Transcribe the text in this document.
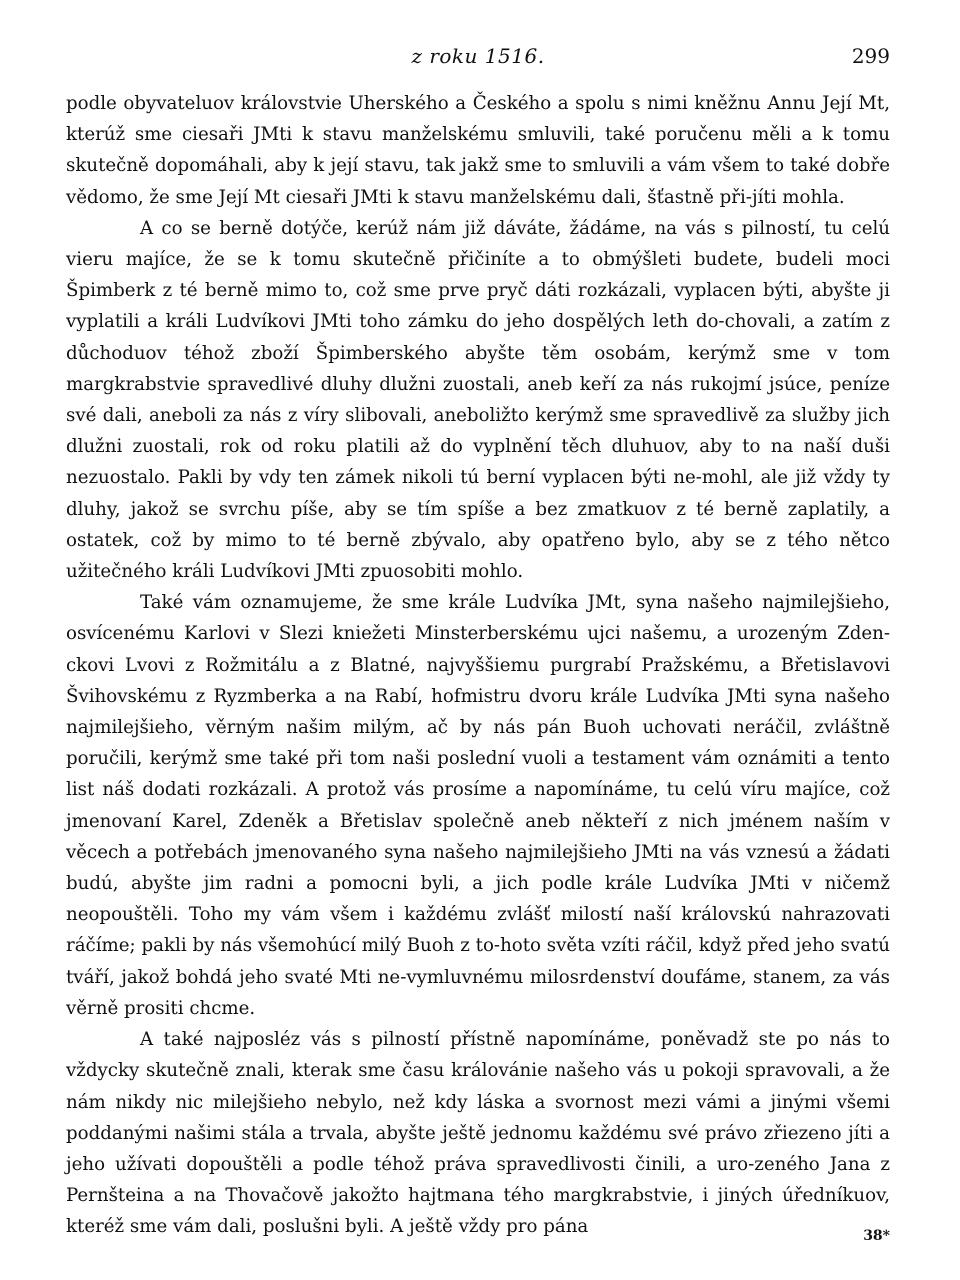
z roku 1516.	299

podle obyvateluov královstvie Uherského a Českého a spolu s nimi kněžnu Annu Její Mt, kterúž sme ciesaři JMti k stavu manželskému smluvili, také poručenu měli a k tomu skutečně dopomáhali, aby k její stavu, tak jakž sme to smluvili a vám všem to také dobře vědomo, že sme Její Mt ciesaři JMti k stavu manželskému dali, šťastně při-jíti mohla.

A co se berně dotýče, kerúž nám již dáváte, žádáme, na vás s pilností, tu celú vieru majíce, že se k tomu skutečně přičiníte a to obmýšleti budete, budeli moci Špimberk z té berně mimo to, což sme prve pryč dáti rozkázali, vyplacen býti, abyšte ji vyplatili a králi Ludvíkovi JMti toho zámku do jeho dospělých leth do-chovali, a zatím z důchoduov téhož zboží Špimberského abyšte těm osobám, kerýmž sme v tom margkrabstvie spravedlivé dluhy dlužni zuostali, aneb keří za nás rukojmí jsúce, peníze své dali, aneboli za nás z víry slibovali, aneboližto kerýmž sme spravedlivě za služby jich dlužni zuostali, rok od roku platili až do vyplnění těch dluhuov, aby to na naší duši nezuostalo. Pakli by vdy ten zámek nikoli tú berní vyplacen býti ne-mohl, ale již vždy ty dluhy, jakož se svrchu píše, aby se tím spíše a bez zmatkuov z té berně zaplatily, a ostatek, což by mimo to té berně zbývalo, aby opatřeno bylo, aby se z tého nětco užitečného králi Ludvíkovi JMti zpuosobiti mohlo.

Také vám oznamujeme, že sme krále Ludvíka JMt, syna našeho najmilejšieho, osvícenému Karlovi v Slezi kniežeti Minsterberskému ujci našemu, a urozeným Zden-ckovi Lvovi z Rožmitálu a z Blatné, najvyššiemu purgrabí Pražskému, a Břetislavovi Švihovskému z Ryzmberka a na Rabí, hofmistru dvoru krále Ludvíka JMti syna našeho najmilejšieho, věrným našim milým, ač by nás pán Buoh uchovati neráčil, zvláštně poručili, kerýmž sme také při tom naši poslední vuoli a testament vám oznámiti a tento list náš dodati rozkázali. A protož vás prosíme a napomínáme, tu celú víru majíce, což jmenovaní Karel, Zdeněk a Břetislav společně aneb někteří z nich jménem naším v věcech a potřebách jmenovaného syna našeho najmilejšieho JMti na vás vznesú a žádati budú, abyšte jim radni a pomocni byli, a jich podle krále Ludvíka JMti v ničemž neopouštěli. Toho my vám všem i každému zvlášť milostí naší královskú nahrazovati ráčíme; pakli by nás všemohúcí milý Buoh z to-hoto světa vzíti ráčil, když před jeho svatú tváří, jakož bohdá jeho svaté Mti ne-vymluvnému milosrdenství doufáme, stanem, za vás věrně prositi chcme.

A také najposléz vás s pilností přístně napomínáme, poněvadž ste po nás to vždycky skutečně znali, kterak sme času královánie našeho vás u pokoji spravovali, a že nám nikdy nic milejšieho nebylo, než kdy láska a svornost mezi vámi a jinými všemi poddanými našimi stála a trvala, abyšte ještě jednomu každému své právo zřiezeno jíti a jeho užívati dopouštěli a podle téhož práva spravedlivosti činili, a uro-zeného Jana z Pernšteina a na Thovačově jakožto hajtmana tého margkrabstvie, i jiných úředníkuov, kteréž sme vám dali, poslušni byli. A ještě vždy pro pána	38*
